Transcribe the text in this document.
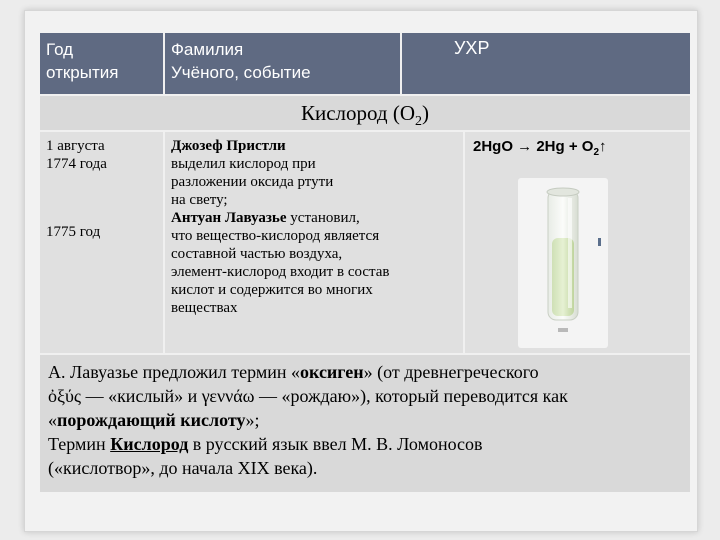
Год
открытия
Фамилия
Учёного, событие
УХР
Кислород $(O_2)$
1 августа
1774 года
1775 год
Джозеф Пристли
выделил кислород при
разложении оксида ртути
на свету;
Антуан Лавуазье установил,
что вещество-кислород является
составной частью воздуха,
элемент-кислород входит в состав
кислот и содержится во многих
веществах
$2HgO \to 2Hg + O_2↑$
А. Лавуазье предложил термин «оксиген» (от древнегреческого
ὀξύς — «кислый» и γεννάω — «рождаю»), который переводится как
«порождающий кислоту»;
Термин Кислород в русский язык ввел М. В. Ломоносов
(«кислотвор», до начала XIX века).
